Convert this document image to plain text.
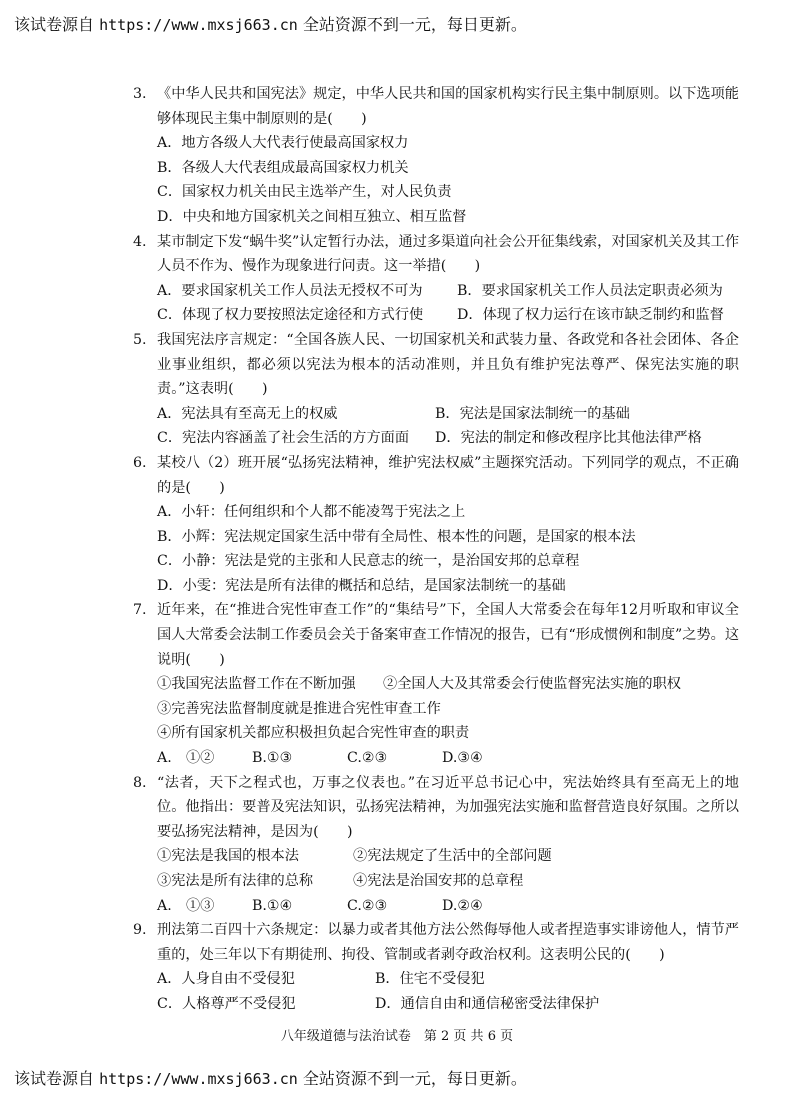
该试卷源自 https://www.mxsj663.cn 全站资源不到一元，每日更新。
3. 《中华人民共和国宪法》规定，中华人民共和国的国家机构实行民主集中制原则。以下选项能够体现民主集中制原则的是(　　)
A．地方各级人大代表行使最高国家权力
B．各级人大代表组成最高国家权力机关
C．国家权力机关由民主选举产生，对人民负责
D．中央和地方国家机关之间相互独立、相互监督
4. 某市制定下发“蜗牛奖”认定暂行办法，通过多渠道向社会公开征集线索，对国家机关及其工作人员不作为、慢作为现象进行问责。这一举措(　　)
A．要求国家机关工作人员法无授权不可为	B．要求国家机关工作人员法定职责必须为
C．体现了权力要按照法定途径和方式行使	D．体现了权力运行在该市缺乏制约和监督
5. 我国宪法序言规定：“全国各族人民、一切国家机关和武装力量、各政党和各社会团体、各企业事业组织，都必须以宪法为根本的活动准则，并且负有维护宪法尊严、保宪法实施的职责。”这表明(　　)
A．宪法具有至高无上的权威	B．宪法是国家法制统一的基础
C．宪法内容涵盖了社会生活的方方面面	D．宪法的制定和修改程序比其他法律严格
6. 某校八（2）班开展“弘扬宪法精神，维护宪法权威”主题探究活动。下列同学的观点，不正确的是(　　)
A．小轩：任何组织和个人都不能凌驾于宪法之上
B．小辉：宪法规定国家生活中带有全局性、根本性的问题，是国家的根本法
C．小静：宪法是党的主张和人民意志的统一，是治国安邦的总章程
D．小雯：宪法是所有法律的概括和总结，是国家法制统一的基础
7. 近年来，在“推进合宪性审查工作”的“集结号”下，全国人大常委会在每年12月听取和审议全国人大常委会法制工作委员会关于备案审查工作情况的报告，已有“形成惯例和制度”之势。这说明(　　)
①我国宪法监督工作在不断加强	②全国人大及其常委会行使监督宪法实施的职权
③完善宪法监督制度就是推进合宪性审查工作
④所有国家机关都应积极担负起合宪性审查的职责
A.　①②	B.①③	C.②③	D.③④
8. “法者，天下之程式也，万事之仪表也。”在习近平总书记心中，宪法始终具有至高无上的地位。他指出：要普及宪法知识，弘扬宪法精神，为加强宪法实施和监督营造良好氛围。之所以要弘扬宪法精神，是因为(　　)
①宪法是我国的根本法	②宪法规定了生活中的全部问题
③宪法是所有法律的总称	④宪法是治国安邦的总章程
A.　①③	B.①④	C.②③	D.②④
9. 刑法第二百四十六条规定：以暴力或者其他方法公然侮辱他人或者捏造事实诽谤他人，情节严重的，处三年以下有期徒刑、拘役、管制或者剥夺政治权利。这表明公民的(　　)
A．人身自由不受侵犯	B．住宅不受侵犯
C．人格尊严不受侵犯	D．通信自由和通信秘密受法律保护
八年级道德与法治试卷　第 2 页 共 6 页
该试卷源自 https://www.mxsj663.cn 全站资源不到一元，每日更新。
